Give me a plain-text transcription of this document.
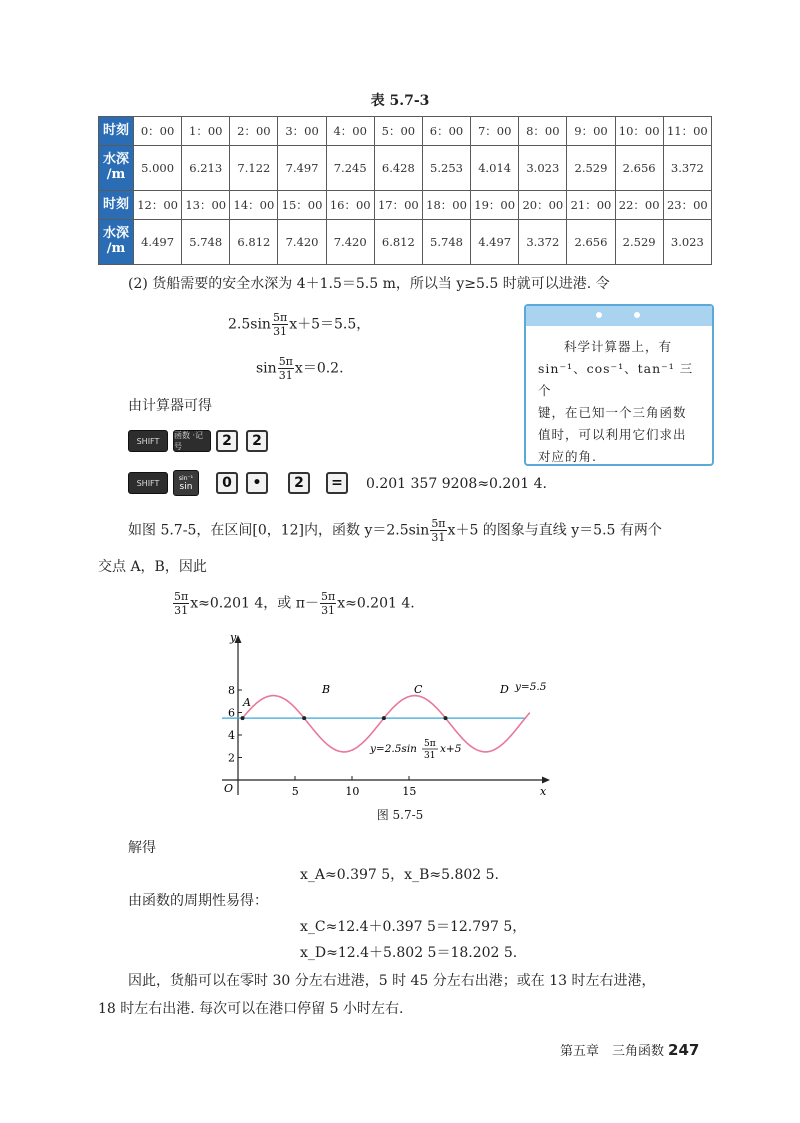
表 5.7-3
时刻	0：00	1：00	2：00	3：00	4：00	5：00	6：00	7：00	8：00	9：00	10：00	11：00
水深
/m	5.000	6.213	7.122	7.497	7.245	6.428	5.253	4.014	3.023	2.529	2.656	3.372
时刻	12：00	13：00	14：00	15：00	16：00	17：00	18：00	19：00	20：00	21：00	22：00	23：00
水深
/m	4.497	5.748	6.812	7.420	7.420	6.812	5.748	4.497	3.372	2.656	2.529	3.023
(2) 货船需要的安全水深为 4＋1.5＝5.5 m，所以当 y≥5.5 时就可以进港. 令
$2.5\sin \frac{5\pi}{31} x+5=5.5$，
$\sin \frac{5\pi}{31} x=0.2$.
科学计算器上，有
sin⁻¹、cos⁻¹、tan⁻¹ 三个
键，在已知一个三角函数
值时，可以利用它们求出
对应的角.
由计算器可得
SHIFT
函数 ·记号	2	2
SHIFT	sin⁻¹
sin	0	•	2	=	0.201 357 9208≈0.201 4.
如图 5.7-5，在区间[0，12]内，函数 $y=2.5\sin \frac{5\pi}{31} x+5$ 的图象与直线 y＝5.5 有两个
交点 A，B，因此
$\frac{5\pi}{31} x\approx 0.201$ 4，或 $\pi- \frac{5\pi}{31} x\approx 0.201$ 4.
2
4
6
8
5	10	15
y
x
O
A
B	C	D y=5.5
y=2.5sin 5π
31
x+5
图 5.7-5
解得
x_A≈0.397 5，x_B≈5.802 5.
由函数的周期性易得：
x_C≈12.4＋0.397 5＝12.797 5，
x_D≈12.4＋5.802 5＝18.202 5.
因此，货船可以在零时 30 分左右进港，5 时 45 分左右出港；或在 13 时左右进港，
18 时左右出港. 每次可以在港口停留 5 小时左右.
第五章　三角函数 247
